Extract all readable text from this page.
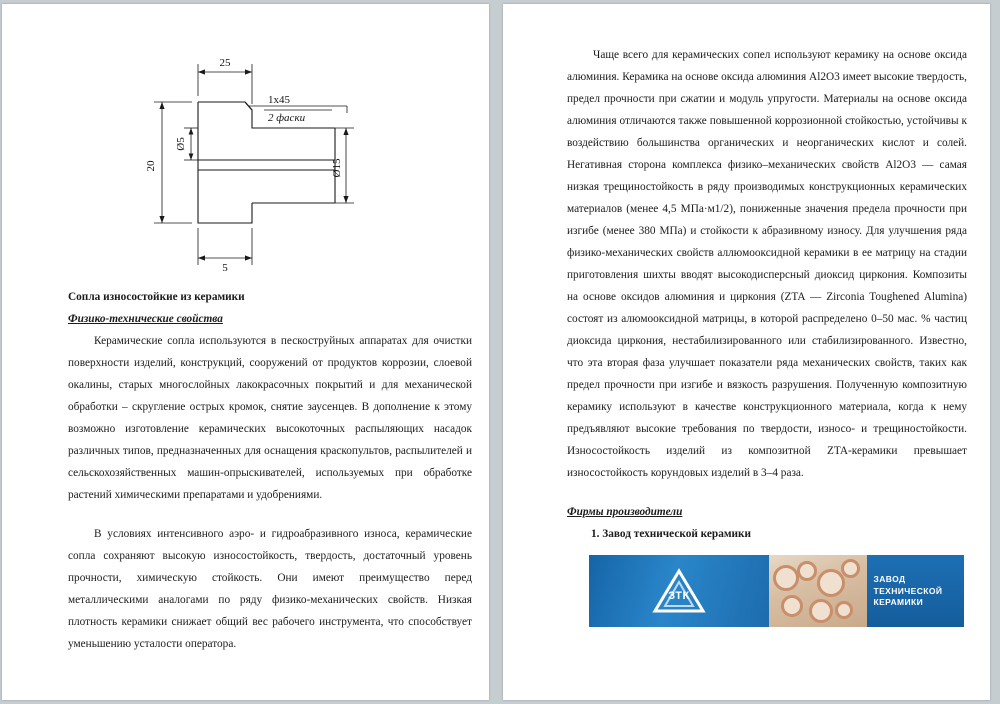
25
1х45
2 фаски
20
Ø5
Ø15
5
Сопла износостойкие из керамики
Физико-технические свойства

Керамические сопла используются в пескоструйных аппаратах для очистки поверхности изделий, конструкций, сооружений от продуктов коррозии, слоевой окалины, старых многослойных лакокрасочных покрытий и для механической обработки – скругление острых кромок, снятие заусенцев. В дополнение к этому возможно изготовление керамических высокоточных распыляющих насадок различных типов, предназначенных для оснащения краскопультов, распылителей и сельскохозяйственных машин-опрыскивателей, используемых при обработке растений химическими препаратами и удобрениями.

В условиях интенсивного аэро- и гидроабразивного износа, керамические сопла сохраняют высокую износостойкость, твердость, достаточный уровень прочности, химическую стойкость. Они имеют преимущество перед металлическими аналогами по ряду физико-механических свойств. Низкая плотность керамики снижает общий вес рабочего инструмента, что способствует уменьшению усталости оператора.

Чаще всего для керамических сопел используют керамику на основе оксида алюминия. Керамика на основе оксида алюминия Al2O3 имеет высокие твердость, предел прочности при сжатии и модуль упругости. Материалы на основе оксида алюминия отличаются также повышенной коррозионной стойкостью, устойчивы к воздействию большинства органических и неорганических кислот и солей. Негативная сторона комплекса физико–механических свойств Al2O3 — самая низкая трещиностойкость в ряду производимых конструкционных керамических материалов (менее 4,5 МПа·м1/2), пониженные значения предела прочности при изгибе (менее 380 МПа) и стойкости к абразивному износу. Для улучшения ряда физико-механических свойств аллюмооксидной керамики в ее матрицу на стадии приготовления шихты вводят высокодисперсный диоксид циркония. Композиты на основе оксидов алюминия и циркония (ZTA — Zirconia Toughened Alumina) состоят из алюмооксидной матрицы, в которой распределено 0–50 мас. % частиц диоксида циркония, нестабилизированного или стабилизированного. Известно, что эта вторая фаза улучшает показатели ряда механических свойств, таких как предел прочности при изгибе и вязкость разрушения. Полученную композитную керамику используют в качестве конструкционного материала, когда к нему предъявляют высокие требования по твердости, износо- и трещиностойкости. Износостойкость изделий из композитной ZTA-керамики превышает износостойкость корундовых изделий в 3–4 раза.

Фирмы производители
1. Завод технической керамики
ЗТК
ЗАВОД
ТЕХНИЧЕСКОЙ
КЕРАМИКИ
